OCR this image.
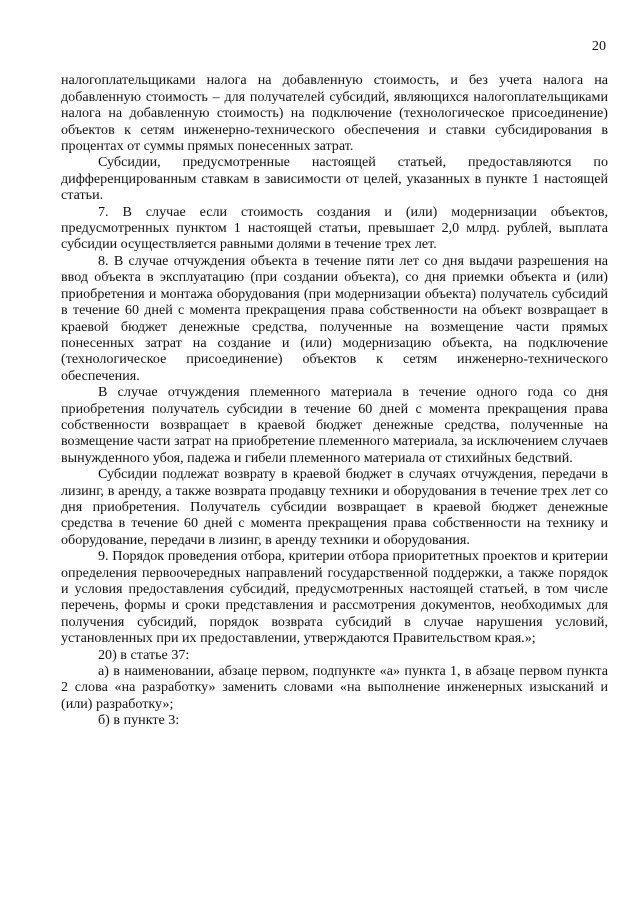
20

налогоплательщиками налога на добавленную стоимость, и без учета налога на добавленную стоимость – для получателей субсидий, являющихся налогоплательщиками налога на добавленную стоимость) на подключение (технологическое присоединение) объектов к сетям инженерно-технического обеспечения и ставки субсидирования в процентах от суммы прямых понесенных затрат.

Субсидии, предусмотренные настоящей статьей, предоставляются по дифференцированным ставкам в зависимости от целей, указанных в пункте 1 настоящей статьи.

7. В случае если стоимость создания и (или) модернизации объектов, предусмотренных пунктом 1 настоящей статьи, превышает 2,0 млрд. рублей, выплата субсидии осуществляется равными долями в течение трех лет.

8. В случае отчуждения объекта в течение пяти лет со дня выдачи разрешения на ввод объекта в эксплуатацию (при создании объекта), со дня приемки объекта и (или) приобретения и монтажа оборудования (при модернизации объекта) получатель субсидий в течение 60 дней с момента прекращения права собственности на объект возвращает в краевой бюджет денежные средства, полученные на возмещение части прямых понесенных затрат на создание и (или) модернизацию объекта, на подключение (технологическое присоединение) объектов к сетям инженерно-технического обеспечения.

В случае отчуждения племенного материала в течение одного года со дня приобретения получатель субсидии в течение 60 дней с момента прекращения права собственности возвращает в краевой бюджет денежные средства, полученные на возмещение части затрат на приобретение племенного материала, за исключением случаев вынужденного убоя, падежа и гибели племенного материала от стихийных бедствий.

Субсидии подлежат возврату в краевой бюджет в случаях отчуждения, передачи в лизинг, в аренду, а также возврата продавцу техники и оборудования в течение трех лет со дня приобретения. Получатель субсидии возвращает в краевой бюджет денежные средства в течение 60 дней с момента прекращения права собственности на технику и оборудование, передачи в лизинг, в аренду техники и оборудования.

9. Порядок проведения отбора, критерии отбора приоритетных проектов и критерии определения первоочередных направлений государственной поддержки, а также порядок и условия предоставления субсидий, предусмотренных настоящей статьей, в том числе перечень, формы и сроки представления и рассмотрения документов, необходимых для получения субсидий, порядок возврата субсидий в случае нарушения условий, установленных при их предоставлении, утверждаются Правительством края.»;

20) в статье 37:

а) в наименовании, абзаце первом, подпункте «а» пункта 1, в абзаце первом пункта 2 слова «на разработку» заменить словами «на выполнение инженерных изысканий и (или) разработку»;

б) в пункте 3:
